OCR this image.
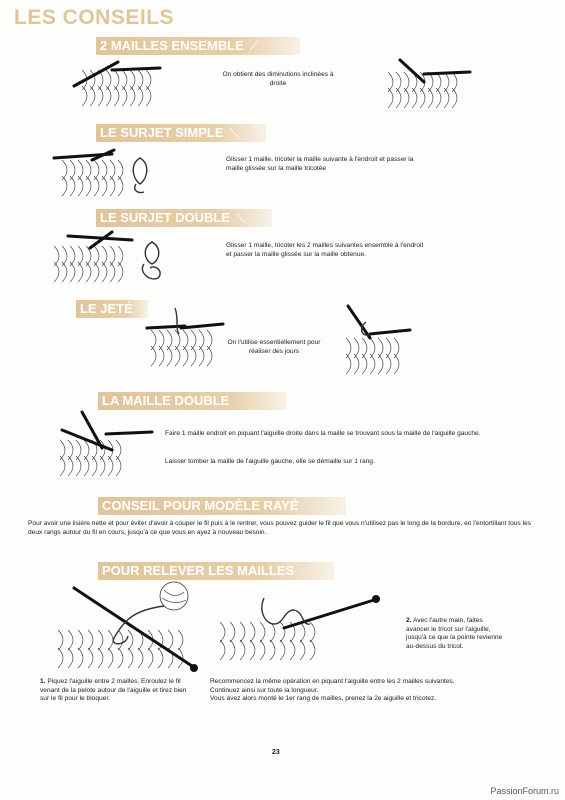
LES CONSEILS
2 MAILLES ENSEMBLE ⟋
On obtient des diminutions inclinées à droite
LE SURJET SIMPLE ⟍
Glisser 1 maille, tricoter la maille suivante à l'endroit et passer la maille glissée sur la maille tricotée
LE SURJET DOUBLE ⟍
Glisser 1 maille, tricoter les 2 mailles suivantes ensemble à l'endroit et passer la maille glissée sur la maille obtenue.
LE JETÉ
On l'utilise essentiellement pour réaliser des jours
LA MAILLE DOUBLE
Faire 1 maille endroit en piquant l'aiguille droite dans la maille se trouvant sous la maille de l'aiguille gauche.
Laisser tomber la maille de l'aiguille gauche, elle se démaille sur 1 rang.
CONSEIL POUR MODÈLE RAYÉ
Pour avoir une lisière nette et pour éviter d'avoir à couper le fil puis à le rentrer, vous pouvez guider le fil que vous n'utilisez pas le long de la bordure, en l'entortillant tous les deux rangs autour du fil en cours, jusqu'à ce que vous en ayez à nouveau besoin.
POUR RELEVER LES MAILLES
2. Avec l'autre main, faites avancer le tricot sur l'aiguille, jusqu'à ce que la pointe revienne au-dessus du tricot.
1. Piquez l'aiguille entre 2 mailles. Enroulez le fil venant de la pelote autour de l'aiguille et tirez bien sur le fil pour le bloquer.
Recommencez la même opération en piquant l'aiguille entre les 2 mailles suivantes. Continuez ainsi sur toute la longueur.
Vous avez alors monté le 1er rang de mailles, prenez la 2e aiguille et tricotez.
23
PassionForum.ru
